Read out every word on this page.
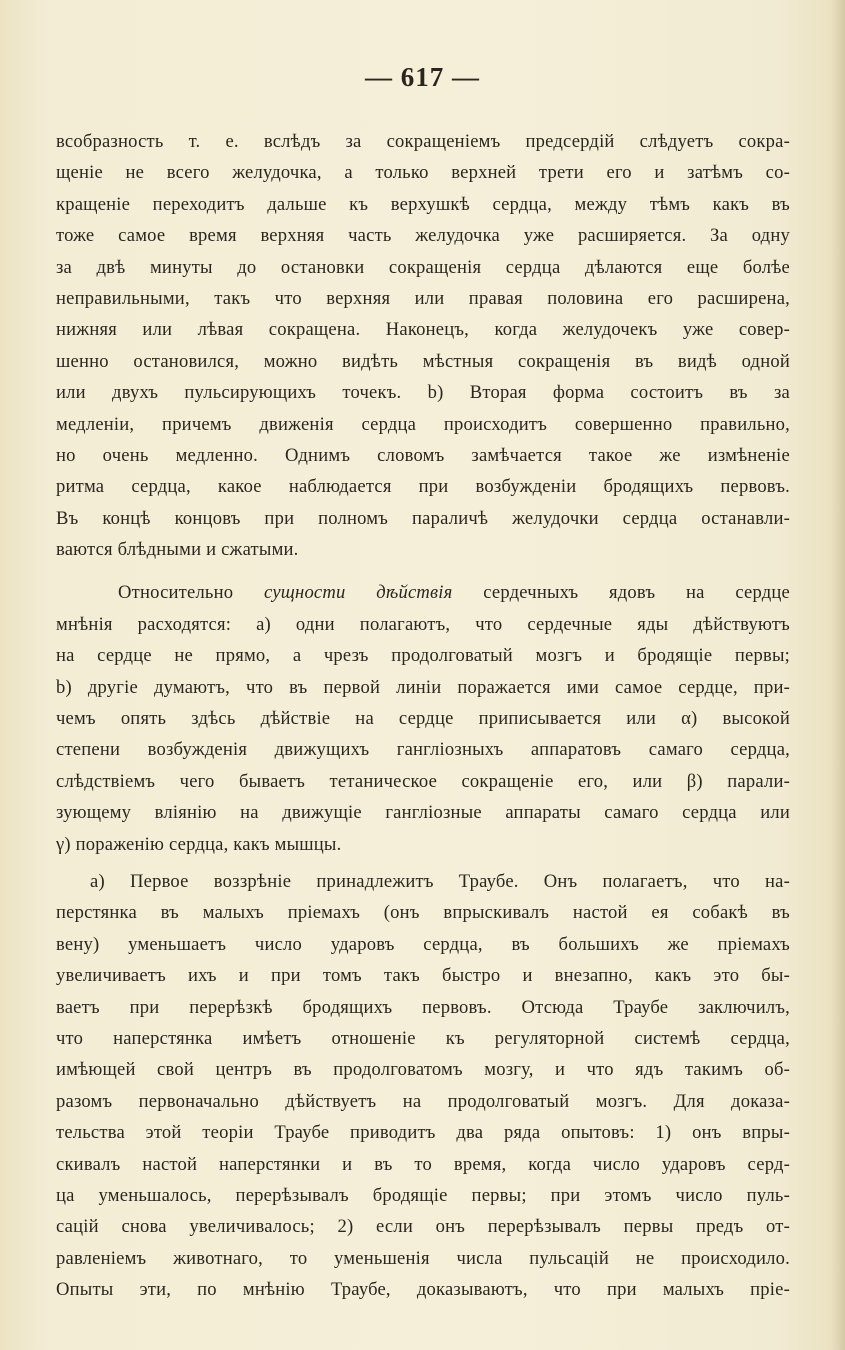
— 617 —
всобразность т. е. вслѣдъ за сокращенiемъ предсердiй слѣдуетъ сокра-
щенiе не всего желудочка, а только верхней трети его и затѣмъ со-
кращенiе переходитъ дальше къ верхушкѣ сердца, между тѣмъ какъ въ
тоже самое время верхняя часть желудочка уже расширяется. За одну
за двѣ минуты до остановки сокращенiя сердца дѣлаются еще болѣе
неправильными, такъ что верхняя или правая половина его расширена,
нижняя или лѣвая сокращена. Наконецъ, когда желудочекъ уже совер-
шенно остановился, можно видѣть мѣстныя сокращенiя въ видѣ одной
или двухъ пульсирующихъ точекъ. b) Вторая форма состоитъ въ за
медленiи, причемъ движенiя сердца происходитъ совершенно правильно,
но очень медленно. Однимъ словомъ замѣчается такое же измѣненiе
ритма сердца, какое наблюдается при возбужденiи бродящихъ первовъ.
Въ концѣ концовъ при полномъ параличѣ желудочки сердца останавли-
ваются блѣдными и сжатыми.
Относительно сущности дѣйствiя сердечныхъ ядовъ на сердце
мнѣнiя расходятся: а) одни полагаютъ, что сердечные яды дѣйствуютъ
на сердце не прямо, а чрезъ продолговатый мозгъ и бродящiе первы;
b) другiе думаютъ, что въ первой линiи поражается ими самое сердце, при-
чемъ опять здѣсь дѣйствiе на сердце приписывается или α) высокой
степени возбужденiя движущихъ ганглiозныхъ аппаратовъ самаго сердца,
слѣдствiемъ чего бываетъ тетаническое сокращенiе его, или β) парали-
зующему влiянiю на движущiе ганглiозные аппараты самаго сердца или
γ) пораженiю сердца, какъ мышцы.
а) Первое воззрѣнiе принадлежитъ Траубе. Онъ полагаетъ, что на-
перстянка въ малыхъ прiемахъ (онъ впрыскивалъ настой ея собакѣ въ
вену) уменьшаетъ число ударовъ сердца, въ большихъ же прiемахъ
увеличиваетъ ихъ и при томъ такъ быстро и внезапно, какъ это бы-
ваетъ при перерѣзкѣ бродящихъ первовъ. Отсюда Траубе заключилъ,
что наперстянка имѣетъ отношенiе къ регуляторной системѣ сердца,
имѣющей свой центръ въ продолговатомъ мозгу, и что ядъ такимъ об-
разомъ первоначально дѣйствуетъ на продолговатый мозгъ. Для доказа-
тельства этой теорiи Траубе приводитъ два ряда опытовъ: 1) онъ впры-
скивалъ настой наперстянки и въ то время, когда число ударовъ серд-
ца уменьшалось, перерѣзывалъ бродящiе первы; при этомъ число пуль-
сацiй снова увеличивалось; 2) если онъ перерѣзывалъ первы предъ от-
равленiемъ животнаго, то уменьшенiя числа пульсацiй не происходило.
Опыты эти, по мнѣнiю Траубе, доказываютъ, что при малыхъ прiе-
